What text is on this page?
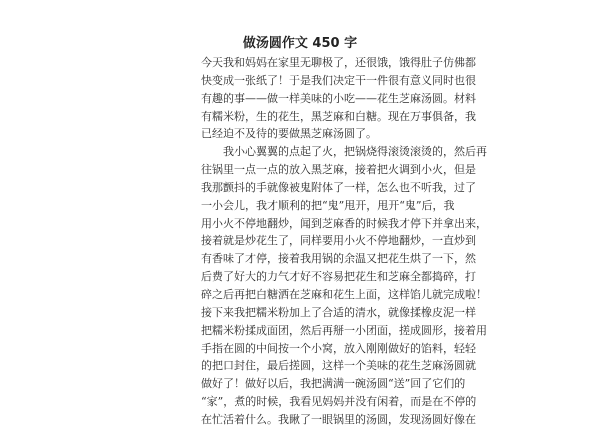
做汤圆作文 450 字
今天我和妈妈在家里无聊极了，还很饿，饿得肚子仿佛都
快变成一张纸了！于是我们决定干一件很有意义同时也很
有趣的事——做一样美味的小吃——花生芝麻汤圆。材料
有糯米粉，生的花生，黑芝麻和白糖。现在万事俱备，我
已经迫不及待的要做黑芝麻汤圆了。
我小心翼翼的点起了火，把锅烧得滚烫滚烫的，然后再
往锅里一点一点的放入黑芝麻，接着把火调到小火，但是
我那颤抖的手就像被鬼附体了一样，怎么也不听我，过了
一小会儿，我才顺利的把“鬼”甩开，甩开“鬼”后，我
用小火不停地翻炒，闻到芝麻香的时候我才停下并拿出来，
接着就是炒花生了，同样要用小火不停地翻炒，一直炒到
有香味了才停，接着我用锅的余温又把花生烘了一下，然
后费了好大的力气才好不容易把花生和芝麻全都捣碎，打
碎之后再把白糖洒在芝麻和花生上面，这样馅儿就完成啦！
接下来我把糯米粉加上了合适的清水，就像揉橡皮泥一样
把糯米粉揉成面团，然后再掰一小团面，搓成圆形，接着用
手指在圆的中间按一个小窝，放入刚刚做好的馅料，轻轻
的把口封住，最后搓圆，这样一个美味的花生芝麻汤圆就
做好了！做好以后，我把满满一碗汤圆“送”回了它们的
“家”，煮的时候，我看见妈妈并没有闲着，而是在不停的
在忙活着什么。我瞅了一眼锅里的汤圆，发现汤圆好像在
